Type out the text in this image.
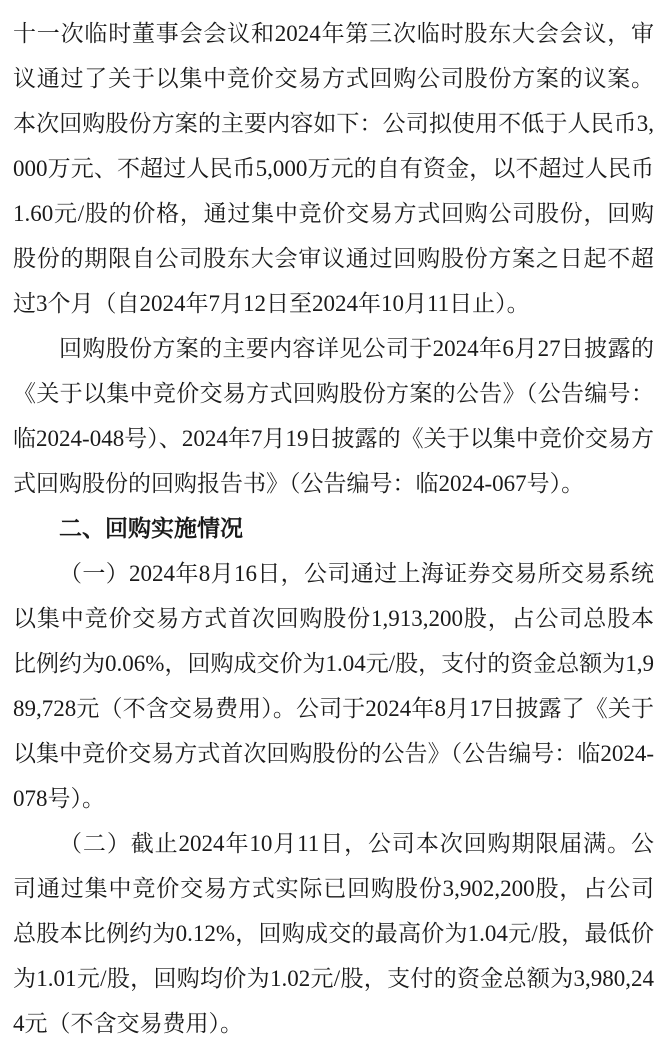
十一次临时董事会会议和2024年第三次临时股东大会会议，审议通过了关于以集中竞价交易方式回购公司股份方案的议案。本次回购股份方案的主要内容如下：公司拟使用不低于人民币3,000万元、不超过人民币5,000万元的自有资金，以不超过人民币1.60元/股的价格，通过集中竞价交易方式回购公司股份，回购股份的期限自公司股东大会审议通过回购股份方案之日起不超过3个月（自2024年7月12日至2024年10月11日止）。

回购股份方案的主要内容详见公司于2024年6月27日披露的《关于以集中竞价交易方式回购股份方案的公告》（公告编号：临2024-048号）、2024年7月19日披露的《关于以集中竞价交易方式回购股份的回购报告书》（公告编号：临2024-067号）。

二、回购实施情况

（一）2024年8月16日，公司通过上海证券交易所交易系统以集中竞价交易方式首次回购股份1,913,200股，占公司总股本比例约为0.06%，回购成交价为1.04元/股，支付的资金总额为1,989,728元（不含交易费用）。公司于2024年8月17日披露了《关于以集中竞价交易方式首次回购股份的公告》（公告编号：临2024-078号）。

（二）截止2024年10月11日，公司本次回购期限届满。公司通过集中竞价交易方式实际已回购股份3,902,200股，占公司总股本比例约为0.12%，回购成交的最高价为1.04元/股，最低价为1.01元/股，回购均价为1.02元/股，支付的资金总额为3,980,244元（不含交易费用）。
